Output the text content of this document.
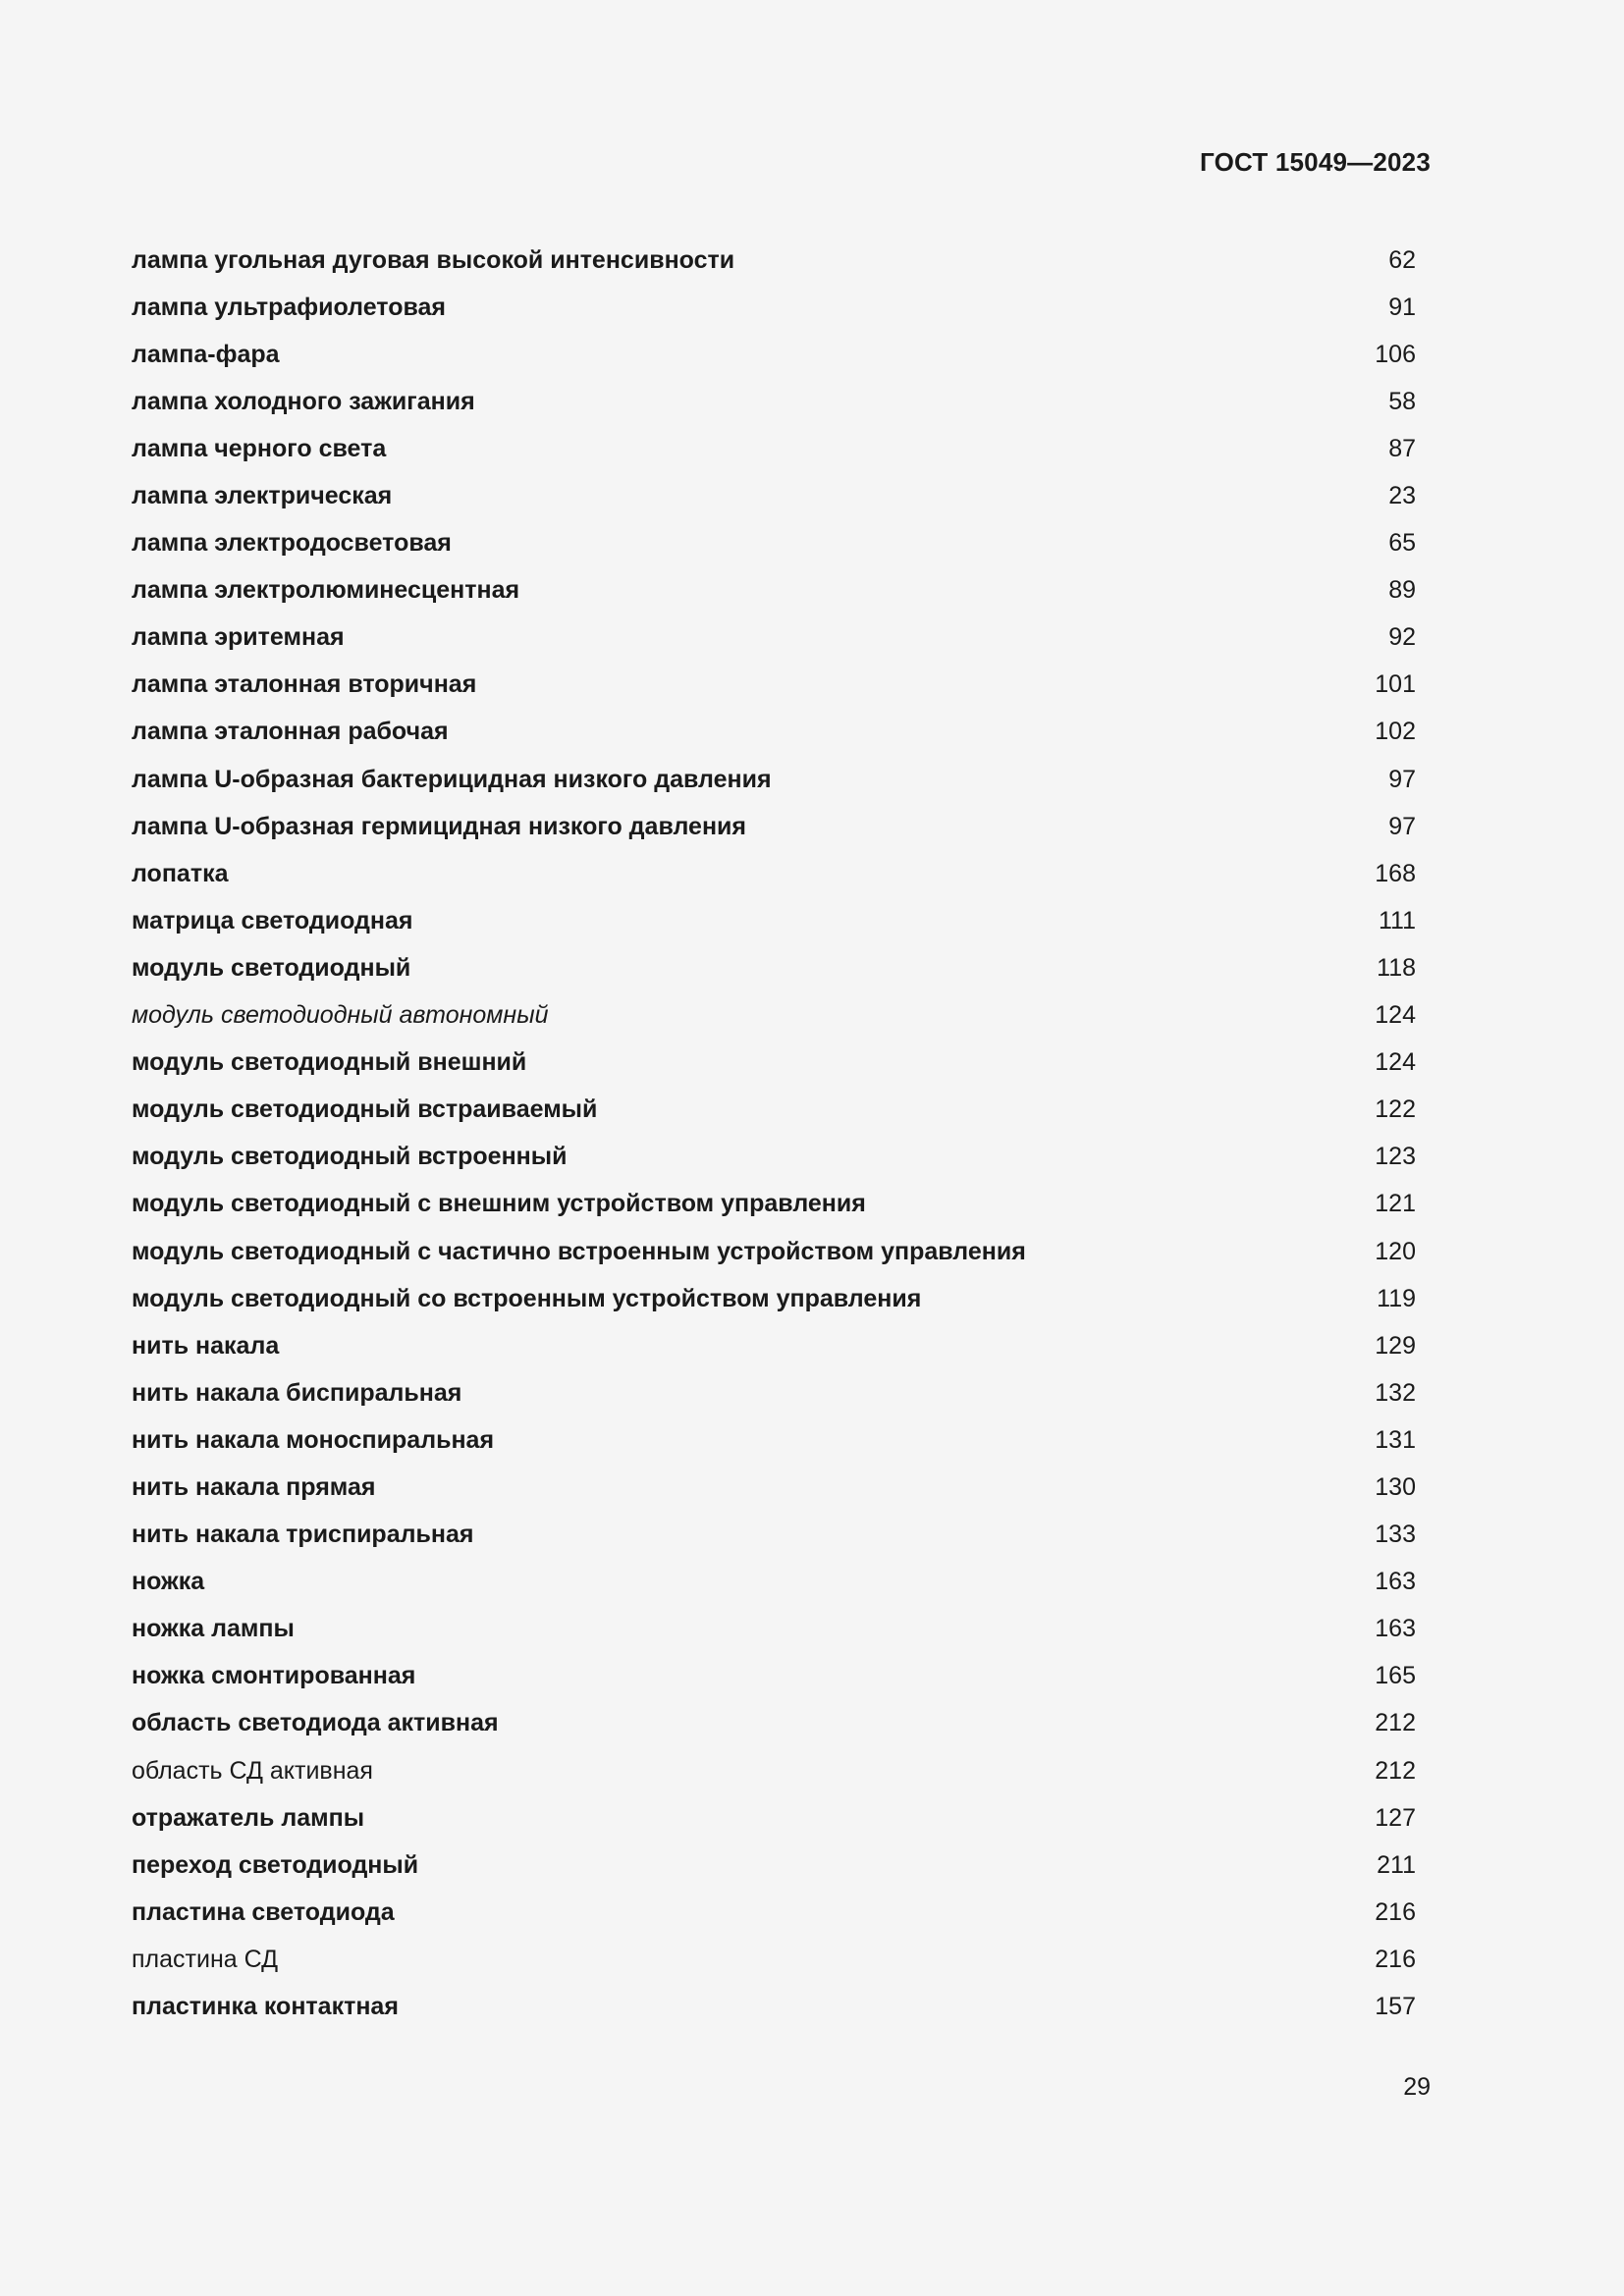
ГОСТ 15049—2023
лампа угольная дуговая высокой интенсивности	62
лампа ультрафиолетовая	91
лампа-фара	106
лампа холодного зажигания	58
лампа черного света	87
лампа электрическая	23
лампа электродосветовая	65
лампа электролюминесцентная	89
лампа эритемная	92
лампа эталонная вторичная	101
лампа эталонная рабочая	102
лампа U-образная бактерицидная низкого давления	97
лампа U-образная гермицидная низкого давления	97
лопатка	168
матрица светодиодная	111
модуль светодиодный	118
модуль светодиодный автономный	124
модуль светодиодный внешний	124
модуль светодиодный встраиваемый	122
модуль светодиодный встроенный	123
модуль светодиодный с внешним устройством управления	121
модуль светодиодный с частично встроенным устройством управления	120
модуль светодиодный со встроенным устройством управления	119
нить накала	129
нить накала биспиральная	132
нить накала моноспиральная	131
нить накала прямая	130
нить накала триспиральная	133
ножка	163
ножка лампы	163
ножка смонтированная	165
область светодиода активная	212
область СД активная	212
отражатель лампы	127
переход светодиодный	211
пластина светодиода	216
пластина СД	216
пластинка контактная	157
29
